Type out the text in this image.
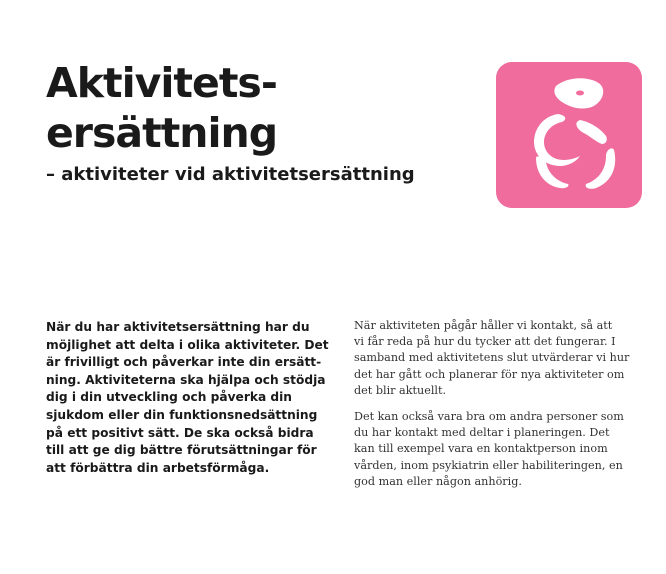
Aktivitets-
ersättning
– aktiviteter vid aktivitetsersättning
När du har aktivitetsersättning har du
möjlighet att delta i olika aktiviteter. Det
är frivilligt och påverkar inte din ersätt-
ning. Aktiviteterna ska hjälpa och stödja
dig i din utveckling och påverka din
sjukdom eller din funktionsnedsättning
på ett positivt sätt. De ska också bidra
till att ge dig bättre förutsättningar för
att förbättra din arbetsförmåga.

När aktiviteten pågår håller vi kontakt, så att
vi får reda på hur du tycker att det fungerar. I
samband med aktivitetens slut utvärderar vi hur
det har gått och planerar för nya aktiviteter om
det blir aktuellt.

Det kan också vara bra om andra personer som
du har kontakt med deltar i planeringen. Det
kan till exempel vara en kontaktperson inom
vården, inom psykiatrin eller habiliteringen, en
god man eller någon anhörig.
